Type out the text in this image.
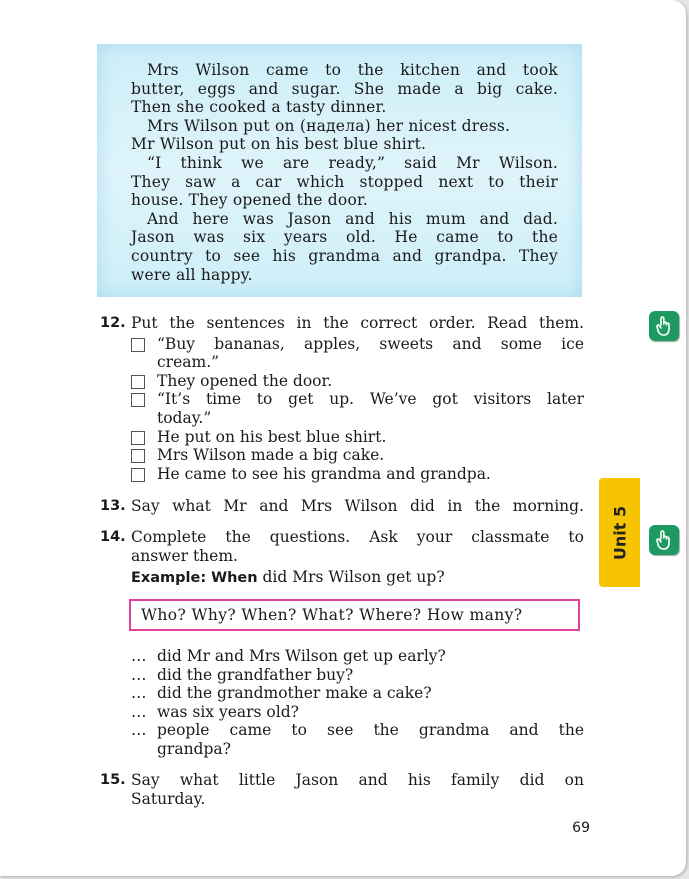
Mrs Wilson came to the kitchen and took

butter, eggs and sugar. She made a big cake.

Then she cooked a tasty dinner.

Mrs Wilson put on (надела) her nicest dress.

Mr Wilson put on his best blue shirt.

“I think we are ready,” said Mr Wilson.

They saw a car which stopped next to their

house. They opened the door.

And here was Jason and his mum and dad.

Jason was six years old. He came to the

country to see his grandma and grandpa. They

were all happy.

12. Put the sentences in the correct order. Read them.
“Buy bananas, apples, sweets and some ice
cream.”
They opened the door.
“It’s time to get up. We’ve got visitors later
today.”
He put on his best blue shirt.
Mrs Wilson made a big cake.
He came to see his grandma and grandpa.
13. Say what Mr and Mrs Wilson did in the morning.
14. Complete the questions. Ask your classmate to
answer them.
Example: When did Mrs Wilson get up?
Who? Why? When? What? Where? How many?
… did Mr and Mrs Wilson get up early?
… did the grandfather buy?
… did the grandmother make a cake?
… was six years old?
… people came to see the grandma and the
grandpa?
15. Say what little Jason and his family did on
Saturday.
Unit 5
69
